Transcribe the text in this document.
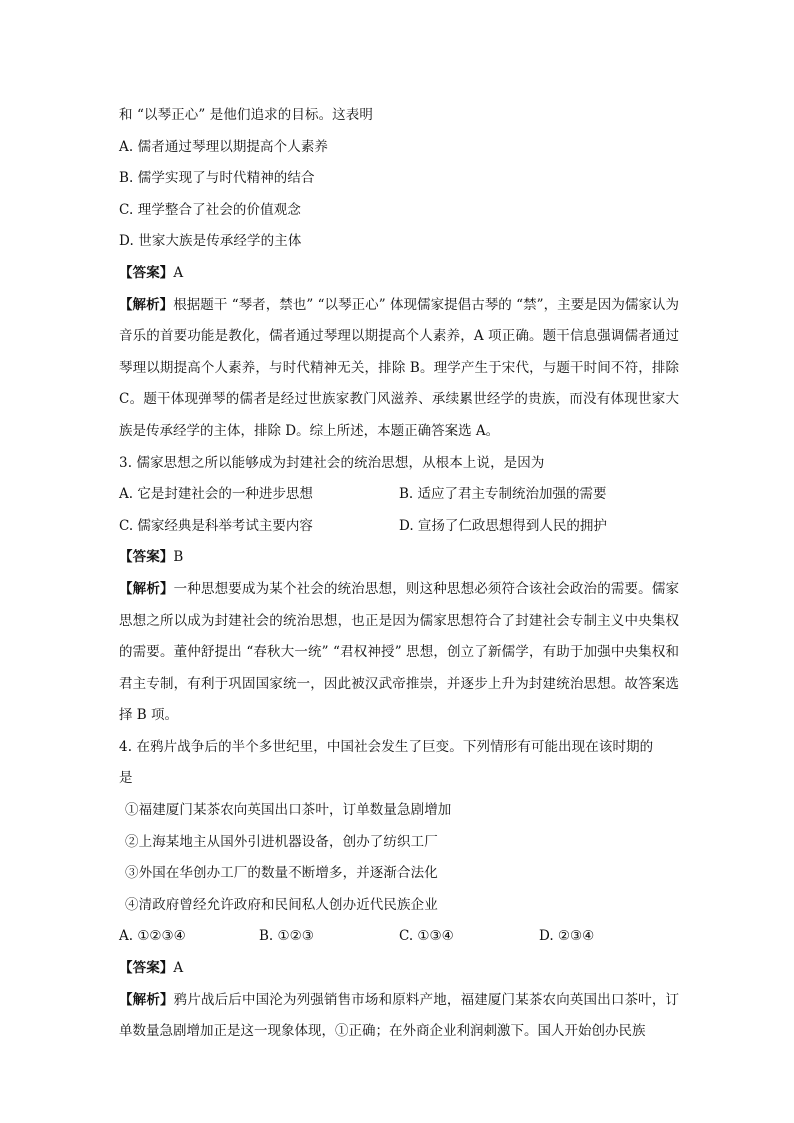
和 “以琴正心” 是他们追求的目标。这表明
A. 儒者通过琴理以期提高个人素养
B. 儒学实现了与时代精神的结合
C. 理学整合了社会的价值观念
D. 世家大族是传承经学的主体
【答案】A
【解析】根据题干 “琴者，禁也” “以琴正心” 体现儒家提倡古琴的 “禁”，主要是因为儒家认为音乐的首要功能是教化，儒者通过琴理以期提高个人素养，A 项正确。题干信息强调儒者通过琴理以期提高个人素养，与时代精神无关，排除 B。理学产生于宋代，与题干时间不符，排除 C。题干体现弹琴的儒者是经过世族家教门风滋养、承续累世经学的贵族，而没有体现世家大族是传承经学的主体，排除 D。综上所述，本题正确答案选 A。
3. 儒家思想之所以能够成为封建社会的统治思想，从根本上说，是因为
A. 它是封建社会的一种进步思想	B. 适应了君主专制统治加强的需要
C. 儒家经典是科举考试主要内容	D. 宣扬了仁政思想得到人民的拥护
【答案】B
【解析】一种思想要成为某个社会的统治思想，则这种思想必须符合该社会政治的需要。儒家思想之所以成为封建社会的统治思想，也正是因为儒家思想符合了封建社会专制主义中央集权的需要。董仲舒提出 “春秋大一统” “君权神授” 思想，创立了新儒学，有助于加强中央集权和君主专制，有利于巩固国家统一，因此被汉武帝推崇，并逐步上升为封建统治思想。故答案选择 B 项。
4. 在鸦片战争后的半个多世纪里，中国社会发生了巨变。下列情形有可能出现在该时期的
是
①福建厦门某茶农向英国出口茶叶，订单数量急剧增加
②上海某地主从国外引进机器设备，创办了纺织工厂
③外国在华创办工厂的数量不断增多，并逐渐合法化
④清政府曾经允许政府和民间私人创办近代民族企业
A. ①②③④	B. ①②③	C. ①③④	D. ②③④
【答案】A
【解析】鸦片战后后中国沦为列强销售市场和原料产地，福建厦门某茶农向英国出口茶叶，订单数量急剧增加正是这一现象体现，①正确；在外商企业利润刺激下。国人开始创办民族
